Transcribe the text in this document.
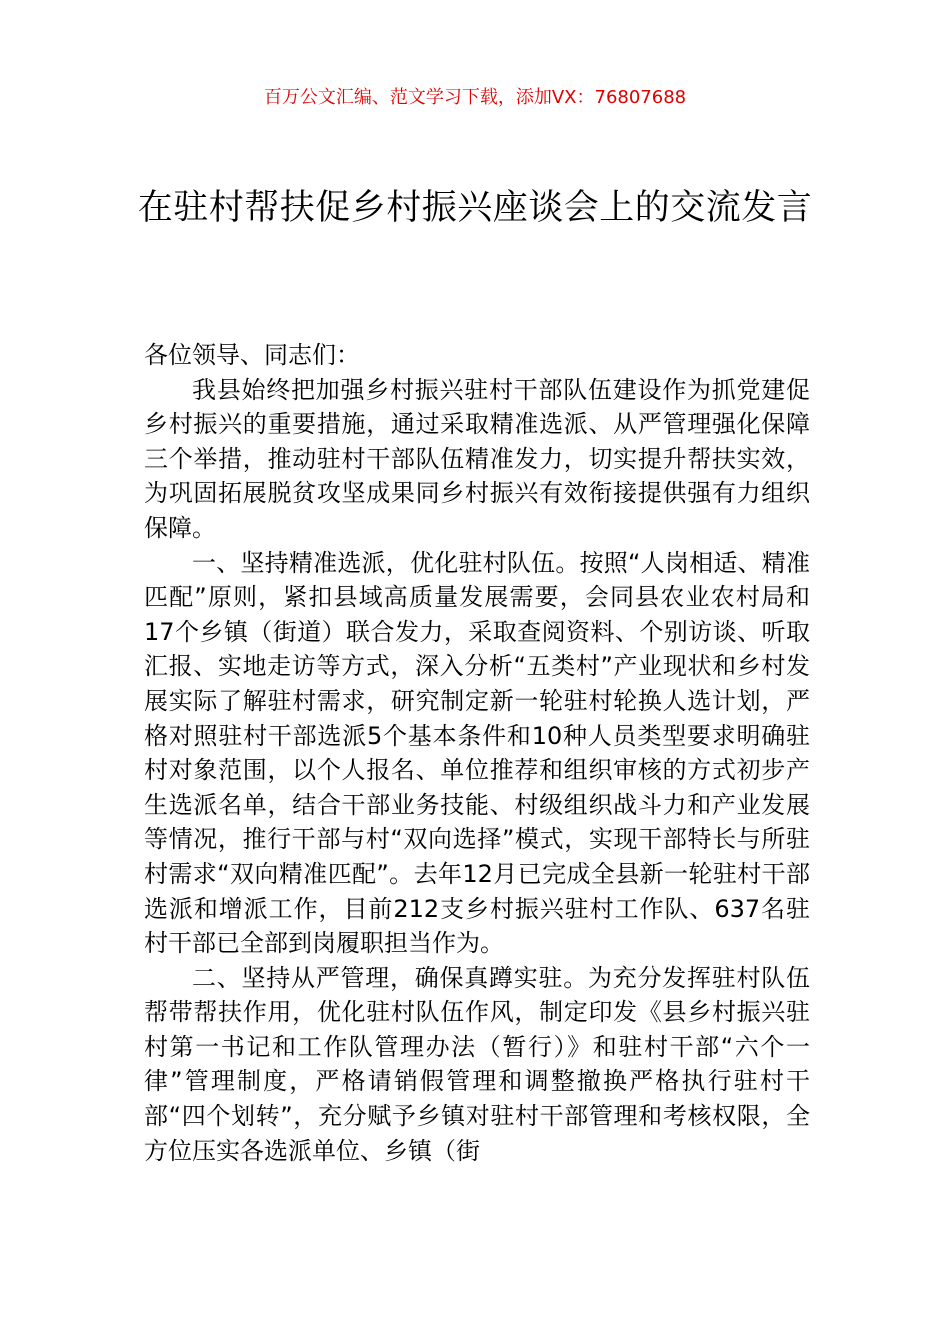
百万公文汇编、范文学习下载，添加VX：76807688
在驻村帮扶促乡村振兴座谈会上的交流发言

各位领导、同志们：

我县始终把加强乡村振兴驻村干部队伍建设作为抓党建促乡村振兴的重要措施，通过采取精准选派、从严管理强化保障三个举措，推动驻村干部队伍精准发力，切实提升帮扶实效，为巩固拓展脱贫攻坚成果同乡村振兴有效衔接提供强有力组织保障。

一、坚持精准选派，优化驻村队伍。按照“人岗相适、精准匹配”原则，紧扣县域高质量发展需要，会同县农业农村局和17个乡镇（街道）联合发力，采取查阅资料、个别访谈、听取汇报、实地走访等方式，深入分析“五类村”产业现状和乡村发展实际了解驻村需求，研究制定新一轮驻村轮换人选计划，严格对照驻村干部选派5个基本条件和10种人员类型要求明确驻村对象范围，以个人报名、单位推荐和组织审核的方式初步产生选派名单，结合干部业务技能、村级组织战斗力和产业发展等情况，推行干部与村“双向选择”模式，实现干部特长与所驻村需求“双向精准匹配”。去年12月已完成全县新一轮驻村干部选派和增派工作，目前212支乡村振兴驻村工作队、637名驻村干部已全部到岗履职担当作为。

二、坚持从严管理，确保真蹲实驻。为充分发挥驻村队伍帮带帮扶作用，优化驻村队伍作风，制定印发《县乡村振兴驻村第一书记和工作队管理办法（暂行）》和驻村干部“六个一律”管理制度，严格请销假管理和调整撤换严格执行驻村干部“四个划转”，充分赋予乡镇对驻村干部管理和考核权限，全方位压实各选派单位、乡镇（街
